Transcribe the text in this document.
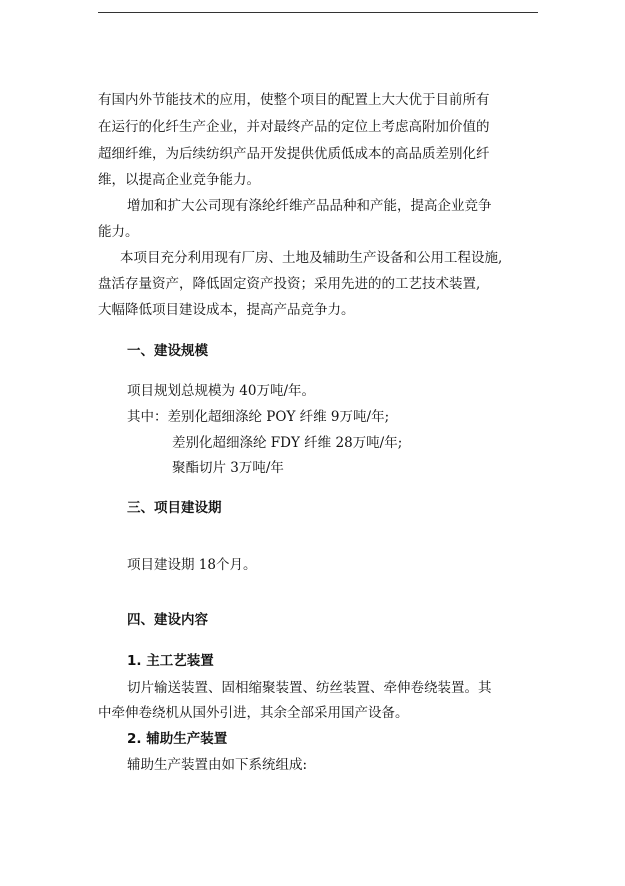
有国内外节能技术的应用，使整个项目的配置上大大优于目前所有
在运行的化纤生产企业，并对最终产品的定位上考虑高附加价值的
超细纤维，为后续纺织产品开发提供优质低成本的高品质差别化纤
维，以提高企业竞争能力。
增加和扩大公司现有涤纶纤维产品品种和产能，提高企业竞争
能力。
本项目充分利用现有厂房、土地及辅助生产设备和公用工程设施,
盘活存量资产，降低固定资产投资；采用先进的的工艺技术装置,
大幅降低项目建设成本，提高产品竞争力。
一、建设规模
项目规划总规模为 40万吨/年。
其中：差别化超细涤纶 POY 纤维 9万吨/年;
差别化超细涤纶 FDY 纤维 28万吨/年;
聚酯切片 3万吨/年
三、项目建设期
项目建设期 18个月。
四、建设内容
1. 主工艺装置
切片输送装置、固相缩聚装置、纺丝装置、牵伸卷绕装置。其
中牵伸卷绕机从国外引进，其余全部采用国产设备。
2. 辅助生产装置
辅助生产装置由如下系统组成:
